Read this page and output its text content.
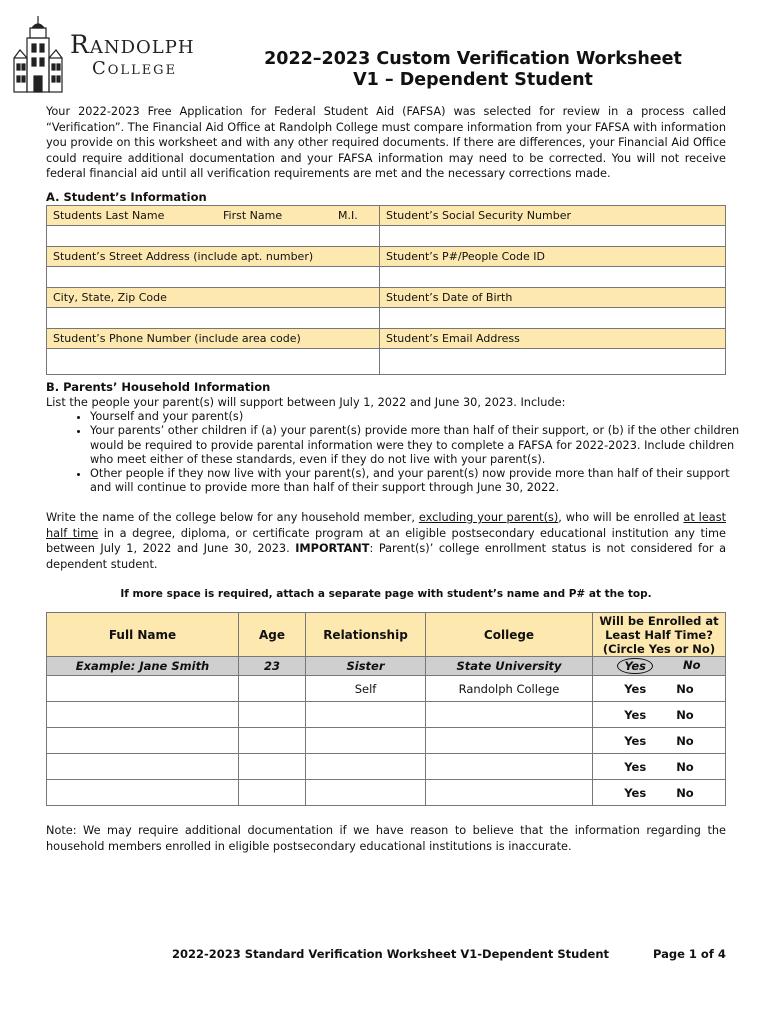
Randolph
College	2022–2023 Custom Verification Worksheet
V1 – Dependent Student
Your 2022-2023 Free Application for Federal Student Aid (FAFSA) was selected for review in a process called “Verification”. The Financial Aid Office at Randolph College must compare information from your FAFSA with information you provide on this worksheet and with any other required documents. If there are differences, your Financial Aid Office could require additional documentation and your FAFSA information may need to be corrected. You will not receive federal financial aid until all verification requirements are met and the necessary corrections made.
A. Student’s Information
Students Last Name First Name M.I.	Student’s Social Security Number

Student’s Street Address (include apt. number)	Student’s P#/People Code ID

City, State, Zip Code	Student’s Date of Birth

Student’s Phone Number (include area code)	Student’s Email Address

B. Parents’ Household Information
List the people your parent(s) will support between July 1, 2022 and June 30, 2023. Include:
• Yourself and your parent(s)
• Your parents’ other children if (a) your parent(s) provide more than half of their support, or (b) if the other children would be required to provide parental information were they to complete a FAFSA for 2022-2023. Include children who meet either of these standards, even if they do not live with your parent(s).
• Other people if they now live with your parent(s), and your parent(s) now provide more than half of their support and will continue to provide more than half of their support through June 30, 2022.
Write the name of the college below for any household member, excluding your parent(s), who will be enrolled at least half time in a degree, diploma, or certificate program at an eligible postsecondary educational institution any time between July 1, 2022 and June 30, 2023. IMPORTANT: Parent(s)’ college enrollment status is not considered for a dependent student.
If more space is required, attach a separate page with student’s name and P# at the top.
Full Name	Age	Relationship	College	Will be Enrolled at Least Half Time? (Circle Yes or No)
Example: Jane Smith	23	Sister	State University	Yes No

		Self	Randolph College	Yes No

				Yes No

				Yes No

				Yes No

				Yes No
Note: We may require additional documentation if we have reason to believe that the information regarding the household members enrolled in eligible postsecondary educational institutions is inaccurate.
2022-2023 Standard Verification Worksheet V1-Dependent Student	Page 1 of 4
